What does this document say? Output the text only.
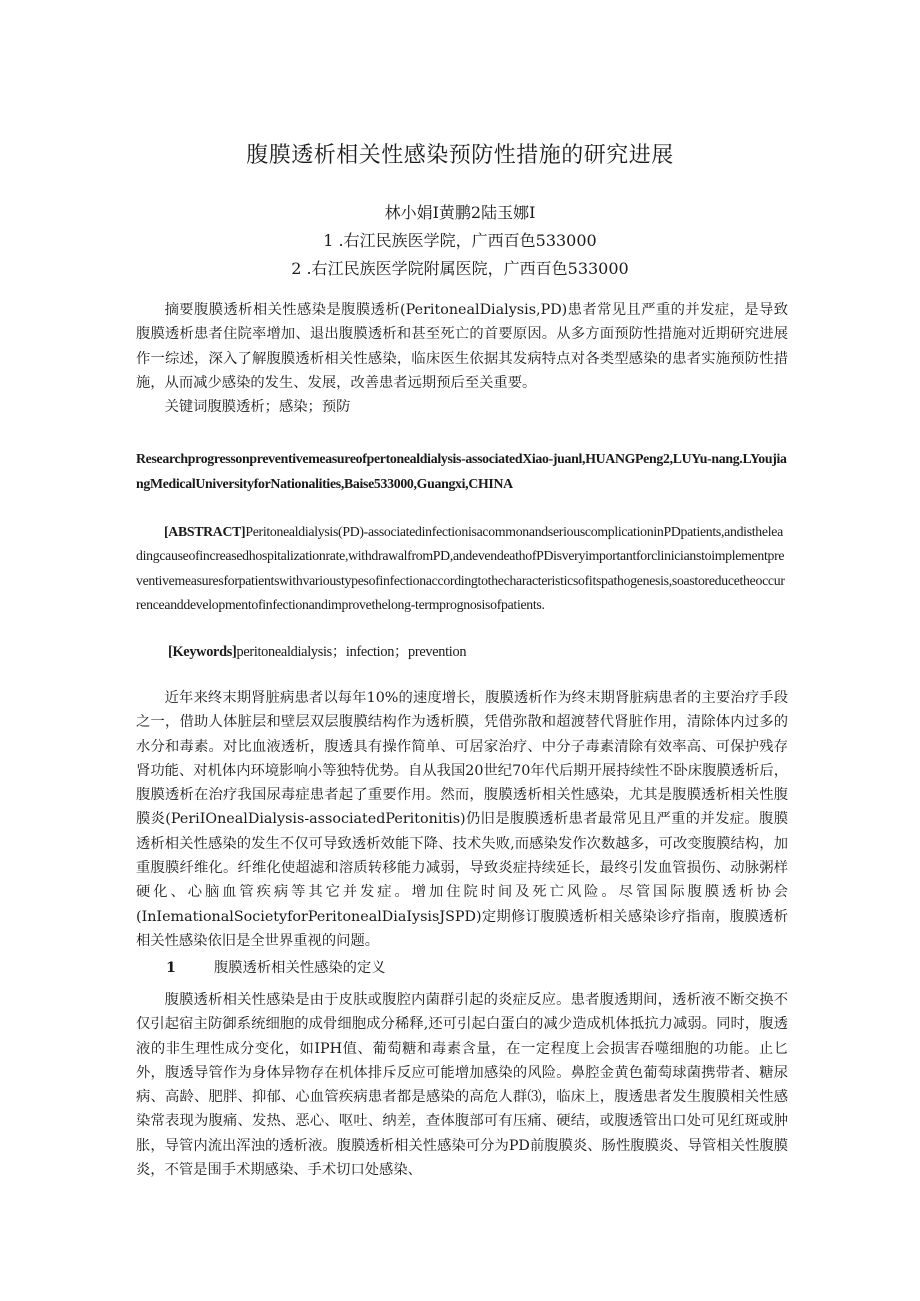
腹膜透析相关性感染预防性措施的研究进展
林小娟I黄鹏2陆玉娜I
1 .右江民族医学院，广西百色533000
2 .右江民族医学院附属医院，广西百色533000
摘要腹膜透析相关性感染是腹膜透析(PeritonealDialysis,PD)患者常见且严重的并发症，是导致腹膜透析患者住院率增加、退出腹膜透析和甚至死亡的首要原因。从多方面预防性措施对近期研究进展作一综述，深入了解腹膜透析相关性感染，临床医生依据其发病特点对各类型感染的患者实施预防性措施，从而减少感染的发生、发展，改善患者远期预后至关重要。
关键词腹膜透析；感染；预防
Researchprogressonpreventivemeasureofpertonealdialysis-associatedXiao-juanl,HUANGPeng2,LUYu-nang.LYoujiangMedicalUniversityforNationalities,Baise533000,Guangxi,CHINA
[ABSTRACT]Peritonealdialysis(PD)-associatedinfectionisacommonandseriouscomplicationinPDpatients,andistheleadingcauseofincreasedhospitalizationrate,withdrawalfromPD,andevendeathofPDisveryimportantforclinicianstoimplementpreventivemeasuresforpatientswithvarioustypesofinfectionaccordingtothecharacteristicsofitspathogenesis,soastoreducetheoccurrenceanddevelopmentofinfectionandimprovethelong-termprognosisofpatients.
[Keywords]peritonealdialysis；infection；prevention
近年来终末期肾脏病患者以每年10%的速度增长，腹膜透析作为终末期肾脏病患者的主要治疗手段之一，借助人体脏层和壁层双层腹膜结构作为透析膜，凭借弥散和超渡替代肾脏作用，清除体内过多的水分和毒素。对比血液透析，腹透具有操作简单、可居家治疗、中分子毒素清除有效率高、可保护残存肾功能、对机体内环境影响小等独特优势。自从我国20世纪70年代后期开展持续性不卧床腹膜透析后，腹膜透析在治疗我国尿毒症患者起了重要作用。然而，腹膜透析相关性感染，尤其是腹膜透析相关性腹膜炎(PeriIOnealDialysis-associatedPeritonitis)仍旧是腹膜透析患者最常见且严重的并发症。腹膜透析相关性感染的发生不仅可导致透析效能下降、技术失败,而感染发作次数越多，可改变腹膜结构，加重腹膜纤维化。纤维化使超滤和溶质转移能力减弱，导致炎症持续延长，最终引发血管损伤、动脉粥样硬化、心脑血管疾病等其它并发症。增加住院时间及死亡风险。尽管国际腹膜透析协会(InIemationalSocietyforPeritonealDiaIysisJSPD)定期修订腹膜透析相关感染诊疗指南，腹膜透析相关性感染依旧是全世界重视的问题。
1	腹膜透析相关性感染的定义
腹膜透析相关性感染是由于皮肤或腹腔内菌群引起的炎症反应。患者腹透期间，透析液不断交换不仅引起宿主防御系统细胞的成骨细胞成分稀释,还可引起白蛋白的减少造成机体抵抗力减弱。同时，腹透液的非生理性成分变化，如IPH值、葡萄糖和毒素含量，在一定程度上会损害吞噬细胞的功能。止匕外，腹透导管作为身体异物存在机体排斥反应可能增加感染的风险。鼻腔金黄色葡萄球菌携带者、糖尿病、高龄、肥胖、抑郁、心血管疾病患者都是感染的高危人群⑶，临床上，腹透患者发生腹膜相关性感染常表现为腹痛、发热、恶心、呕吐、纳差，查体腹部可有压痛、硬结，或腹透管出口处可见红斑或肿胀，导管内流出浑浊的透析液。腹膜透析相关性感染可分为PD前腹膜炎、肠性腹膜炎、导管相关性腹膜炎，不管是围手术期感染、手术切口处感染、
